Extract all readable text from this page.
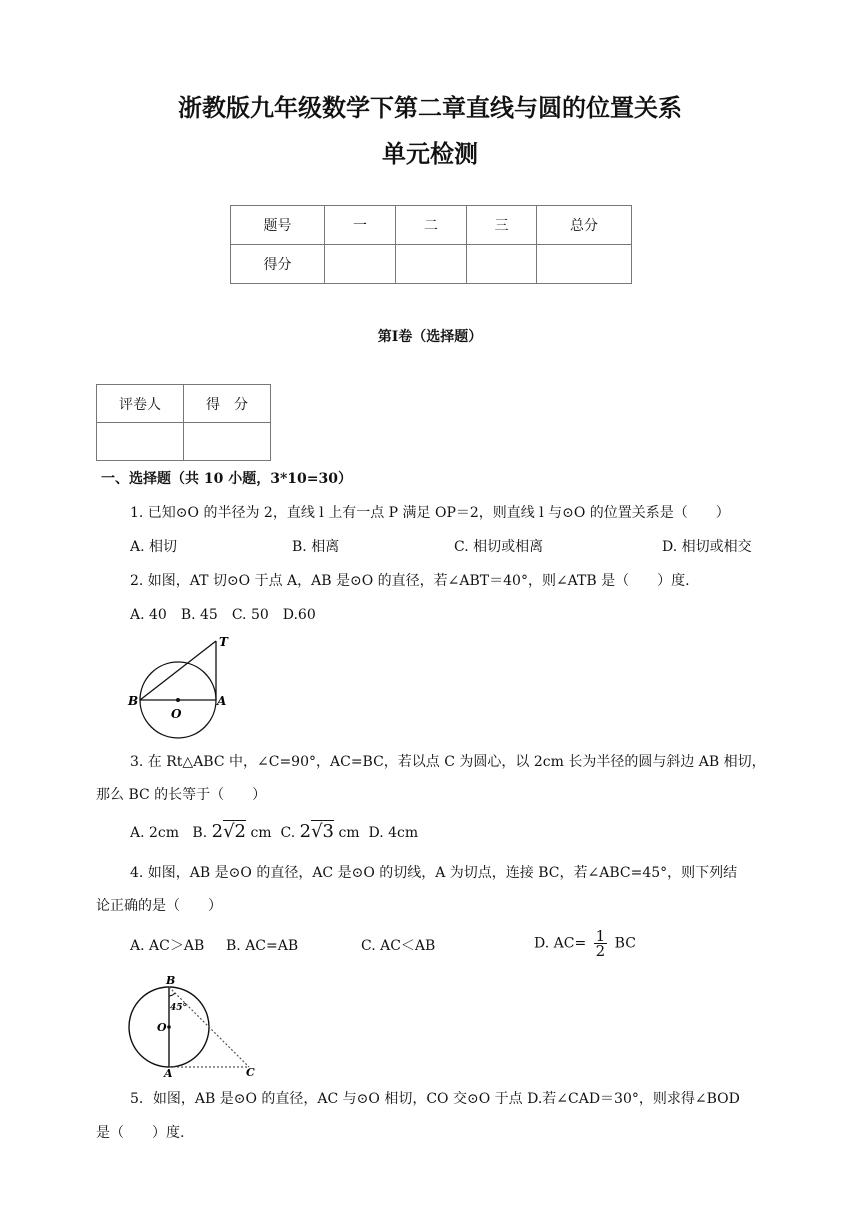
浙教版九年级数学下第二章直线与圆的位置关系
单元检测
题号	一	二	三	总分
得分				
第I卷（选择题）
评卷人	得　分

一、选择题（共 10 小题，3*10=30）
1. 已知⊙O 的半径为 2，直线 l 上有一点 P 满足 OP＝2，则直线 l 与⊙O 的位置关系是（　　）
A. 相切	B. 相离	C. 相切或相离	D. 相切或相交
2. 如图，AT 切⊙O 于点 A，AB 是⊙O 的直径，若∠ABT＝40°，则∠ATB 是（　　）度.
A. 40　B. 45　C. 50　D.60
T
B
O
A
3. 在 Rt△ABC 中，∠C=90°，AC=BC，若以点 C 为圆心，以 2cm 长为半径的圆与斜边 AB 相切，
那么 BC 的长等于（　　）
A. 2cm B. 2√2 cm C. 2√3 cm D. 4cm
4. 如图，AB 是⊙O 的直径，AC 是⊙O 的切线，A 为切点，连接 BC，若∠ABC=45°，则下列结
论正确的是（　　）
A. AC＞AB B. AC=AB	C. AC＜AB	D. $AC= \frac{1}{2}$ BC
B
45°
O
A	C
5．如图，AB 是⊙O 的直径，AC 与⊙O 相切，CO 交⊙O 于点 D.若∠CAD＝30°，则求得∠BOD
是（　　）度.
